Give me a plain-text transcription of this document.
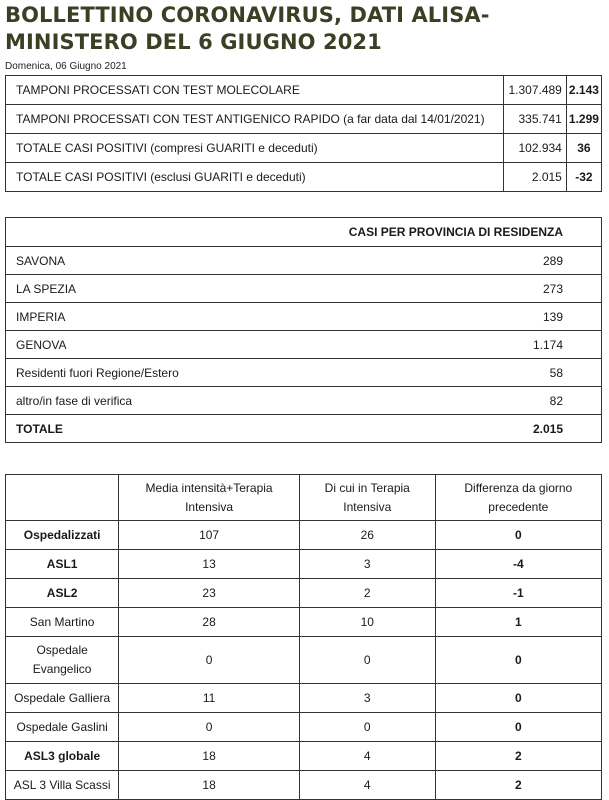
BOLLETTINO CORONAVIRUS, DATI ALISA-MINISTERO DEL 6 GIUGNO 2021
Domenica, 06 Giugno 2021
TAMPONI PROCESSATI CON TEST MOLECOLARE	1.307.489	2.143
TAMPONI PROCESSATI CON TEST ANTIGENICO RAPIDO (a far data dal 14/01/2021)	335.741	1.299
TOTALE CASI POSITIVI (compresi GUARITI e deceduti)	102.934	36
TOTALE CASI POSITIVI (esclusi GUARITI e deceduti)	2.015	-32
CASI PER PROVINCIA DI RESIDENZA	
SAVONA	289
LA SPEZIA	273
IMPERIA	139
GENOVA	1.174
Residenti fuori Regione/Estero	58
altro/in fase di verifica	82
TOTALE	2.015
	Media intensità+Terapia Intensiva	Di cui in Terapia Intensiva	Differenza da giorno precedente
Ospedalizzati	107	26	0
ASL1	13	3	-4
ASL2	23	2	-1
San Martino	28	10	1
Ospedale Evangelico	0	0	0
Ospedale Galliera	11	3	0
Ospedale Gaslini	0	0	0
ASL3 globale	18	4	2
ASL 3 Villa Scassi	18	4	2
